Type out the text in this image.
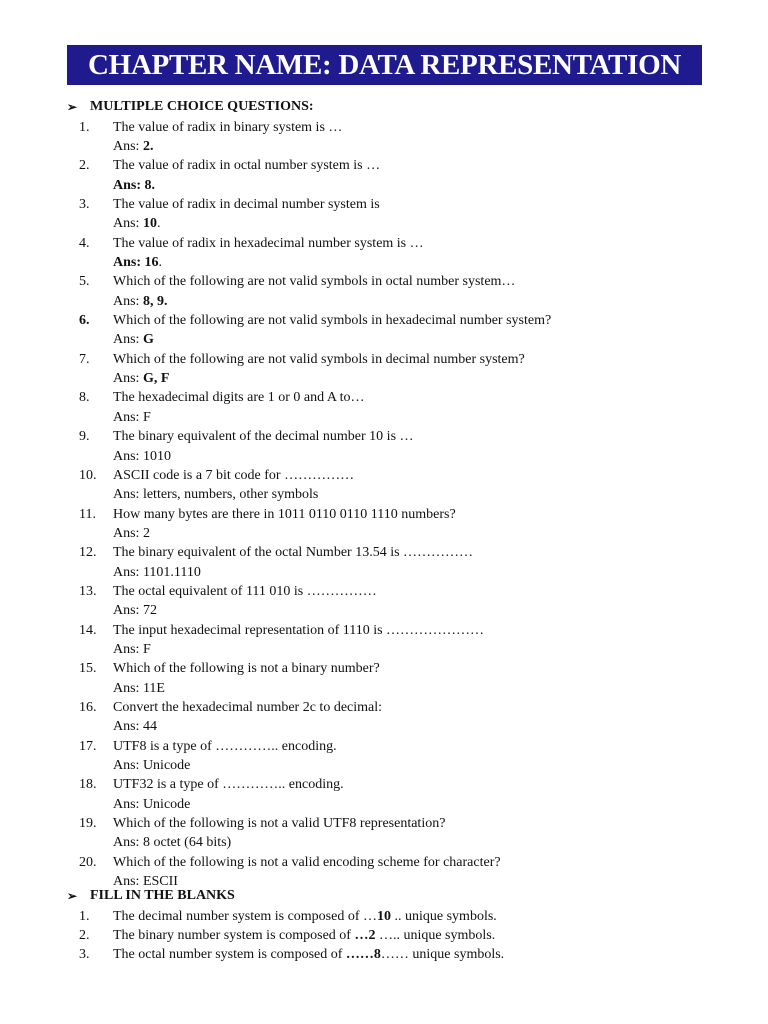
CHAPTER NAME: DATA REPRESENTATION
➢ MULTIPLE CHOICE QUESTIONS:
1.	The value of radix in binary system is …
Ans: 2.
2.	The value of radix in octal number system is …
Ans: 8.
3.	The value of radix in decimal number system is
Ans: 10 .
4.	The value of radix in hexadecimal number system is …
Ans: 16 .
5.	Which of the following are not valid symbols in octal number system…
Ans: 8, 9.
6.	Which of the following are not valid symbols in hexadecimal number system?
Ans: G
7.	Which of the following are not valid symbols in decimal number system?
Ans: G, F
8.	The hexadecimal digits are 1 or 0 and A to…
Ans: F
9.	The binary equivalent of the decimal number 10 is …
Ans: 1010
10.	ASCII code is a 7 bit code for ……………
Ans: letters, numbers, other symbols
11.	How many bytes are there in 1011 0110 0110 1110 numbers?
Ans: 2
12.	The binary equivalent of the octal Number 13.54 is ……………
Ans: 1101.1110
13.	The octal equivalent of 111 010 is ……………
Ans: 72
14.	The input hexadecimal representation of 1110 is …………………
Ans: F
15.	Which of the following is not a binary number?
Ans: 11E
16.	Convert the hexadecimal number 2c to decimal:
Ans: 44
17.	UTF8 is a type of ………….. encoding.
Ans: Unicode
18.	UTF32 is a type of ………….. encoding.
Ans: Unicode
19.	Which of the following is not a valid UTF8 representation?
Ans: 8 octet (64 bits)
20.	Which of the following is not a valid encoding scheme for character?
Ans: ESCII
➢ FILL IN THE BLANKS
1.	The decimal number system is composed of … 10 .. unique symbols.
2.	The binary number system is composed of …2 ….. unique symbols.
3.	The octal number system is composed of ……8 …… unique symbols.
